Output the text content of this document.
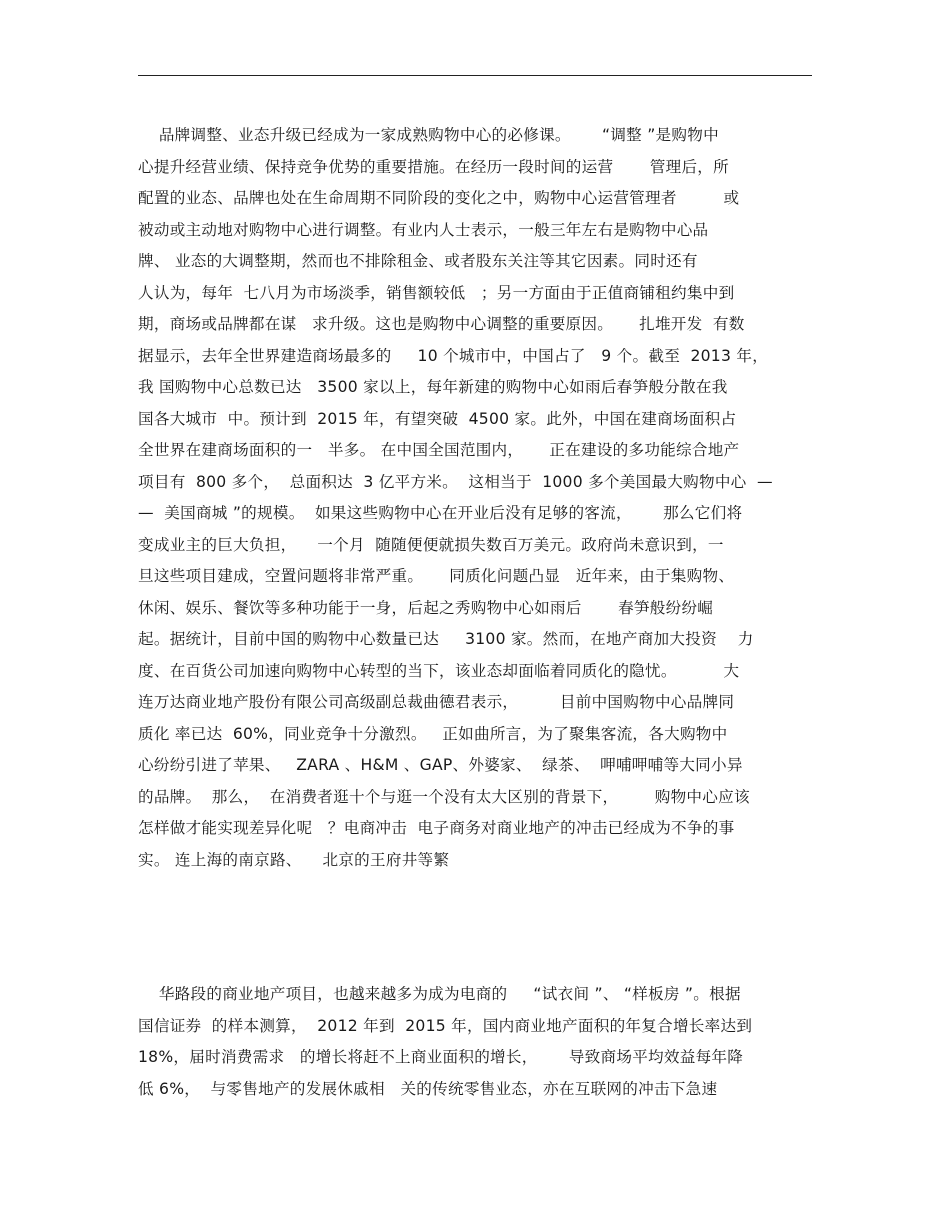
品牌调整、业态升级已经成为一家成熟购物中心的必修课。      “调整 ”是购物中
心提升经营业绩、保持竞争优势的重要措施。在经历一段时间的运营       管理后，所
配置的业态、品牌也处在生命周期不同阶段的变化之中，购物中心运营管理者         或
被动或主动地对购物中心进行调整。有业内人士表示，一般三年左右是购物中心品
牌、 业态的大调整期，然而也不排除租金、或者股东关注等其它因素。同时还有
人认为，每年  七八月为市场淡季，销售额较低   ；另一方面由于正值商铺租约集中到
期，商场或品牌都在谋   求升级。这也是购物中心调整的重要原因。     扎堆开发  有数
据显示，去年全世界建造商场最多的     10 个城市中，中国占了   9 个。截至  2013 年，
我 国购物中心总数已达   3500 家以上，每年新建的购物中心如雨后春笋般分散在我
国各大城市  中。预计到  2015 年，有望突破  4500 家。此外，中国在建商场面积占
全世界在建商场面积的一   半多。 在中国全国范围内，     正在建设的多功能综合地产
项目有  800 多个，  总面积达  3 亿平方米。  这相当于  1000 多个美国最大购物中心  —
—  美国商城 ”的规模。  如果这些购物中心在开业后没有足够的客流，      那么它们将
变成业主的巨大负担，    一个月  随随便便就损失数百万美元。政府尚未意识到，一
旦这些项目建成，空置问题将非常严重。     同质化问题凸显   近年来，由于集购物、
休闲、娱乐、餐饮等多种功能于一身，后起之秀购物中心如雨后       春笋般纷纷崛
起。据统计，目前中国的购物中心数量已达     3100 家。然而，在地产商加大投资    力
度、在百货公司加速向购物中心转型的当下，该业态却面临着同质化的隐忧。         大
连万达商业地产股份有限公司高级副总裁曲德君表示，        目前中国购物中心品牌同
质化 率已达  60%，同业竞争十分激烈。   正如曲所言，为了聚集客流，各大购物中
心纷纷引进了苹果、   ZARA 、H&M 、GAP、外婆家、  绿茶、  呷哺呷哺等大同小异
的品牌。  那么，  在消费者逛十个与逛一个没有太大区别的背景下，       购物中心应该
怎样做才能实现差异化呢   ？电商冲击  电子商务对商业地产的冲击已经成为不争的事
实。 连上海的南京路、    北京的王府井等繁
华路段的商业地产项目，也越来越多为成为电商的     “试衣间 ”、 “样板房 ”。根据
国信证券  的样本测算，  2012 年到  2015 年，国内商业地产面积的年复合增长率达到
18%，届时消费需求   的增长将赶不上商业面积的增长，      导致商场平均效益每年降
低 6%，  与零售地产的发展休戚相   关的传统零售业态，亦在互联网的冲击下急速
